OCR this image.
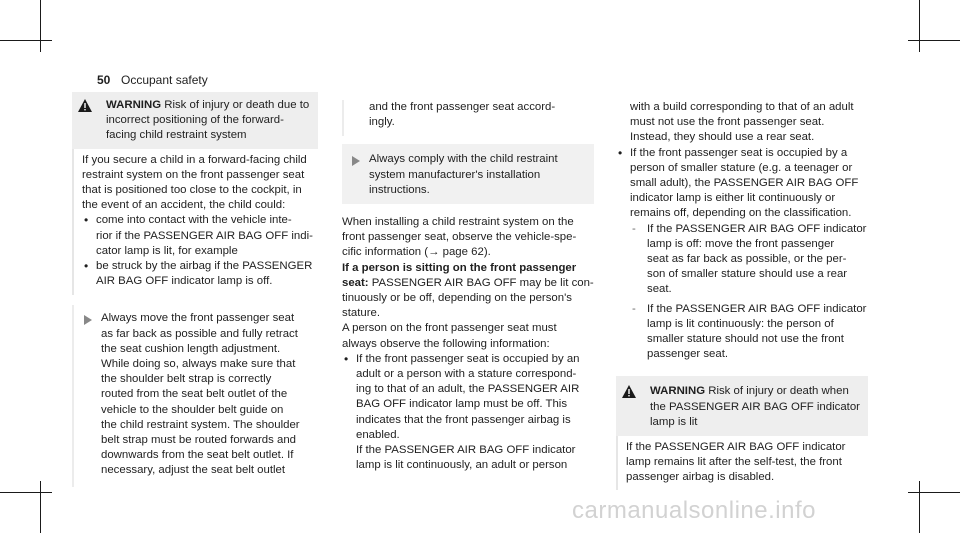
50 Occupant safety

WARNING Risk of injury or death due to

incorrect positioning of the forward-

facing child restraint system

If you secure a child in a forward-facing child

restraint system on the front passenger seat

that is positioned too close to the cockpit, in

the event of an accident, the child could:

• come into contact with the vehicle inte-

rior if the PASSENGER AIR BAG OFF indi-

cator lamp is lit, for example

• be struck by the airbag if the PASSENGER

AIR BAG OFF indicator lamp is off.

Always move the front passenger seat

as far back as possible and fully retract

the seat cushion length adjustment.

While doing so, always make sure that

the shoulder belt strap is correctly

routed from the seat belt outlet of the

vehicle to the shoulder belt guide on

the child restraint system. The shoulder

belt strap must be routed forwards and

downwards from the seat belt outlet. If

necessary, adjust the seat belt outlet

and the front passenger seat accord-

ingly.

Always comply with the child restraint

system manufacturer's installation

instructions.

When installing a child restraint system on the

front passenger seat, observe the vehicle-spe-

cific information (→ page 62).

If a person is sitting on the front passenger

seat: PASSENGER AIR BAG OFF may be lit con-

tinuously or be off, depending on the person's

stature.

A person on the front passenger seat must

always observe the following information:

• If the front passenger seat is occupied by an

adult or a person with a stature correspond-

ing to that of an adult, the PASSENGER AIR

BAG OFF indicator lamp must be off. This

indicates that the front passenger airbag is

enabled.

If the PASSENGER AIR BAG OFF indicator

lamp is lit continuously, an adult or person

with a build corresponding to that of an adult

must not use the front passenger seat.

Instead, they should use a rear seat.

• If the front passenger seat is occupied by a

person of smaller stature (e.g. a teenager or

small adult), the PASSENGER AIR BAG OFF

indicator lamp is either lit continuously or

remains off, depending on the classification.

- If the PASSENGER AIR BAG OFF indicator

lamp is off: move the front passenger

seat as far back as possible, or the per-

son of smaller stature should use a rear

seat.

- If the PASSENGER AIR BAG OFF indicator

lamp is lit continuously: the person of

smaller stature should not use the front

passenger seat.

WARNING Risk of injury or death when

the PASSENGER AIR BAG OFF indicator

lamp is lit

If the PASSENGER AIR BAG OFF indicator

lamp remains lit after the self-test, the front

passenger airbag is disabled.

carmanualsonline.info
